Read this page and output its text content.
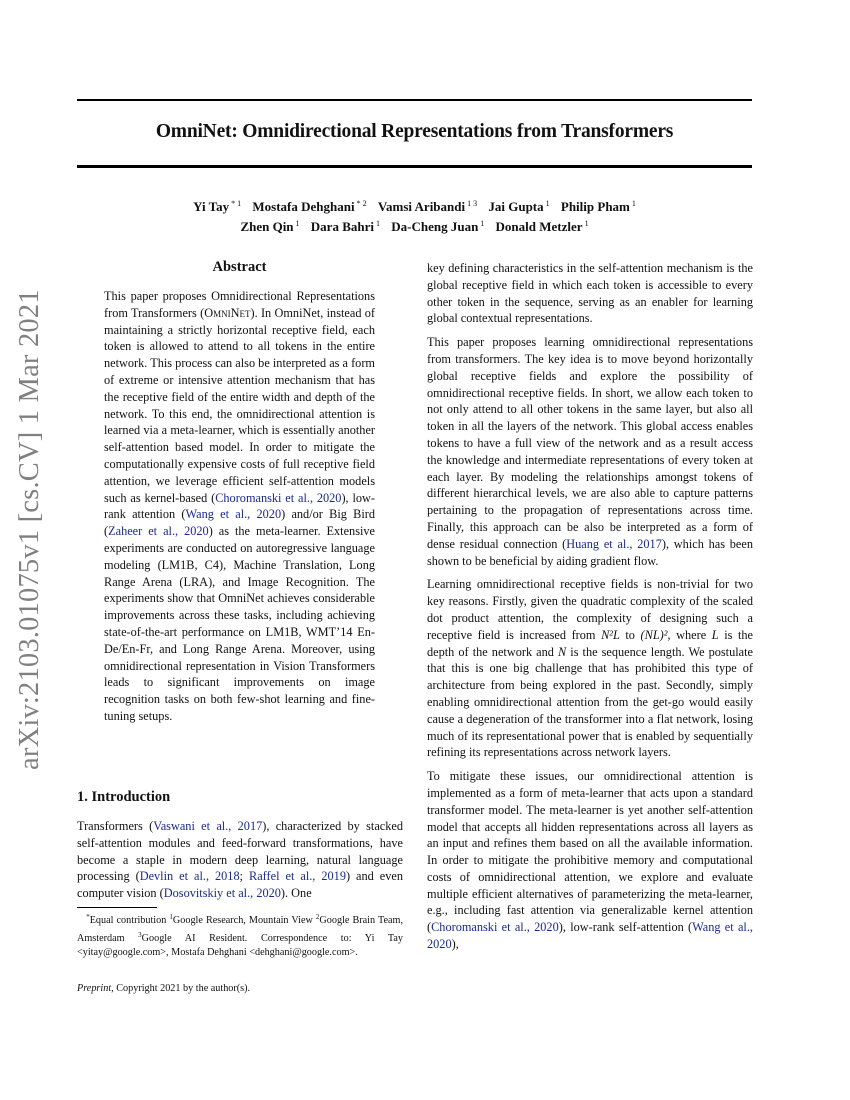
arXiv:2103.01075v1 [cs.CV] 1 Mar 2021
OmniNet: Omnidirectional Representations from Transformers
Yi Tay $^{* 1}$ Mostafa Dehghani $^{* 2}$ Vamsi Aribandi $^{1 3}$ Jai Gupta $^1$ Philip Pham $^1$
Zhen Qin $^1$ Dara Bahri $^1$ Da-Cheng Juan $^1$ Donald Metzler $^1$
Abstract

This paper proposes Omnidirectional Representations from Transformers (OmniNet). In OmniNet, instead of maintaining a strictly horizontal receptive field, each token is allowed to attend to all tokens in the entire network. This process can also be interpreted as a form of extreme or intensive attention mechanism that has the receptive field of the entire width and depth of the network. To this end, the omnidirectional attention is learned via a meta-learner, which is essentially another self-attention based model. In order to mitigate the computationally expensive costs of full receptive field attention, we leverage efficient self-attention models such as kernel-based (Choromanski et al., 2020), low-rank attention (Wang et al., 2020) and/or Big Bird (Zaheer et al., 2020) as the meta-learner. Extensive experiments are conducted on autoregressive language modeling (LM1B, C4), Machine Translation, Long Range Arena (LRA), and Image Recognition. The experiments show that OmniNet achieves considerable improvements across these tasks, including achieving state-of-the-art performance on LM1B, WMT’14 En-De/En-Fr, and Long Range Arena. Moreover, using omnidirectional representation in Vision Transformers leads to significant improvements on image recognition tasks on both few-shot learning and fine-tuning setups.

1. Introduction

Transformers (Vaswani et al., 2017), characterized by stacked self-attention modules and feed-forward transformations, have become a staple in modern deep learning, natural language processing (Devlin et al., 2018; Raffel et al., 2019) and even computer vision (Dosovitskiy et al., 2020). One

*Equal contribution $^1$Google Research, Mountain View $^2$Google Brain Team, Amsterdam $^3$Google AI Resident. Correspondence to: Yi Tay <yitay@google.com>, Mostafa Dehghani <dehghani@google.com>.
Preprint, Copyright 2021 by the author(s).

key defining characteristics in the self-attention mechanism is the global receptive field in which each token is accessible to every other token in the sequence, serving as an enabler for learning global contextual representations.

This paper proposes learning omnidirectional representations from transformers. The key idea is to move beyond horizontally global receptive fields and explore the possibility of omnidirectional receptive fields. In short, we allow each token to not only attend to all other tokens in the same layer, but also all token in all the layers of the network. This global access enables tokens to have a full view of the network and as a result access the knowledge and intermediate representations of every token at each layer. By modeling the relationships amongst tokens of different hierarchical levels, we are also able to capture patterns pertaining to the propagation of representations across time. Finally, this approach can be also be interpreted as a form of dense residual connection (Huang et al., 2017), which has been shown to be beneficial by aiding gradient flow.

Learning omnidirectional receptive fields is non-trivial for two key reasons. Firstly, given the quadratic complexity of the scaled dot product attention, the complexity of designing such a receptive field is increased from N²L to (NL)², where L is the depth of the network and N is the sequence length. We postulate that this is one big challenge that has prohibited this type of architecture from being explored in the past. Secondly, simply enabling omnidirectional attention from the get-go would easily cause a degeneration of the transformer into a flat network, losing much of its representational power that is enabled by sequentially refining its representations across network layers.

To mitigate these issues, our omnidirectional attention is implemented as a form of meta-learner that acts upon a standard transformer model. The meta-learner is yet another self-attention model that accepts all hidden representations across all layers as an input and refines them based on all the available information. In order to mitigate the prohibitive memory and computational costs of omnidirectional attention, we explore and evaluate multiple efficient alternatives of parameterizing the meta-learner, e.g., including fast attention via generalizable kernel attention (Choromanski et al., 2020), low-rank self-attention (Wang et al., 2020),
